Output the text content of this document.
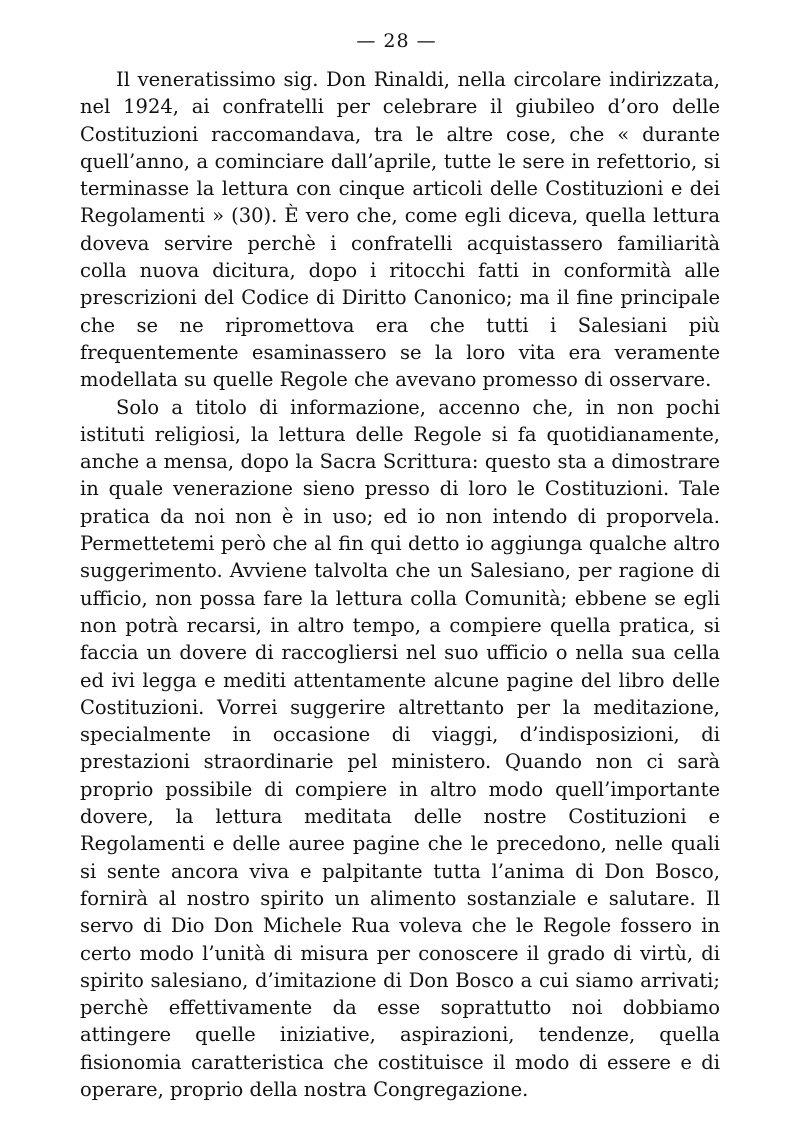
— 28 —

Il veneratissimo sig. Don Rinaldi, nella circolare indirizzata, nel 1924, ai confratelli per celebrare il giubileo d’oro delle Costituzioni raccomandava, tra le altre cose, che « durante quell’anno, a cominciare dall’aprile, tutte le sere in refettorio, si terminasse la lettura con cinque articoli delle Costituzioni e dei Regolamenti » (30). È vero che, come egli diceva, quella lettura doveva servire perchè i confratelli acquistassero familiarità colla nuova dicitura, dopo i ritocchi fatti in conformità alle prescrizioni del Codice di Diritto Canonico; ma il fine principale che se ne ripromettova era che tutti i Salesiani più frequentemente esaminassero se la loro vita era veramente modellata su quelle Regole che avevano promesso di osservare.

Solo a titolo di informazione, accenno che, in non pochi istituti religiosi, la lettura delle Regole si fa quotidianamente, anche a mensa, dopo la Sacra Scrittura: questo sta a dimostrare in quale venerazione sieno presso di loro le Costituzioni. Tale pratica da noi non è in uso; ed io non intendo di proporvela. Permettetemi però che al fin qui detto io aggiunga qualche altro suggerimento. Avviene talvolta che un Salesiano, per ragione di ufficio, non possa fare la lettura colla Comunità; ebbene se egli non potrà recarsi, in altro tempo, a compiere quella pratica, si faccia un dovere di raccogliersi nel suo ufficio o nella sua cella ed ivi legga e mediti attentamente alcune pagine del libro delle Costituzioni. Vorrei suggerire altrettanto per la meditazione, specialmente in occasione di viaggi, d’indisposizioni, di prestazioni straordinarie pel ministero. Quando non ci sarà proprio possibile di compiere in altro modo quell’importante dovere, la lettura meditata delle nostre Costituzioni e Regolamenti e delle auree pagine che le precedono, nelle quali si sente ancora viva e palpitante tutta l’anima di Don Bosco, fornirà al nostro spirito un alimento sostanziale e salutare. Il servo di Dio Don Michele Rua voleva che le Regole fossero in certo modo l’unità di misura per conoscere il grado di virtù, di spirito salesiano, d’imitazione di Don Bosco a cui siamo arrivati; perchè effettivamente da esse soprattutto noi dobbiamo attingere quelle iniziative, aspirazioni, tendenze, quella fisionomia caratteristica che costituisce il modo di essere e di operare, proprio della nostra Congregazione.
